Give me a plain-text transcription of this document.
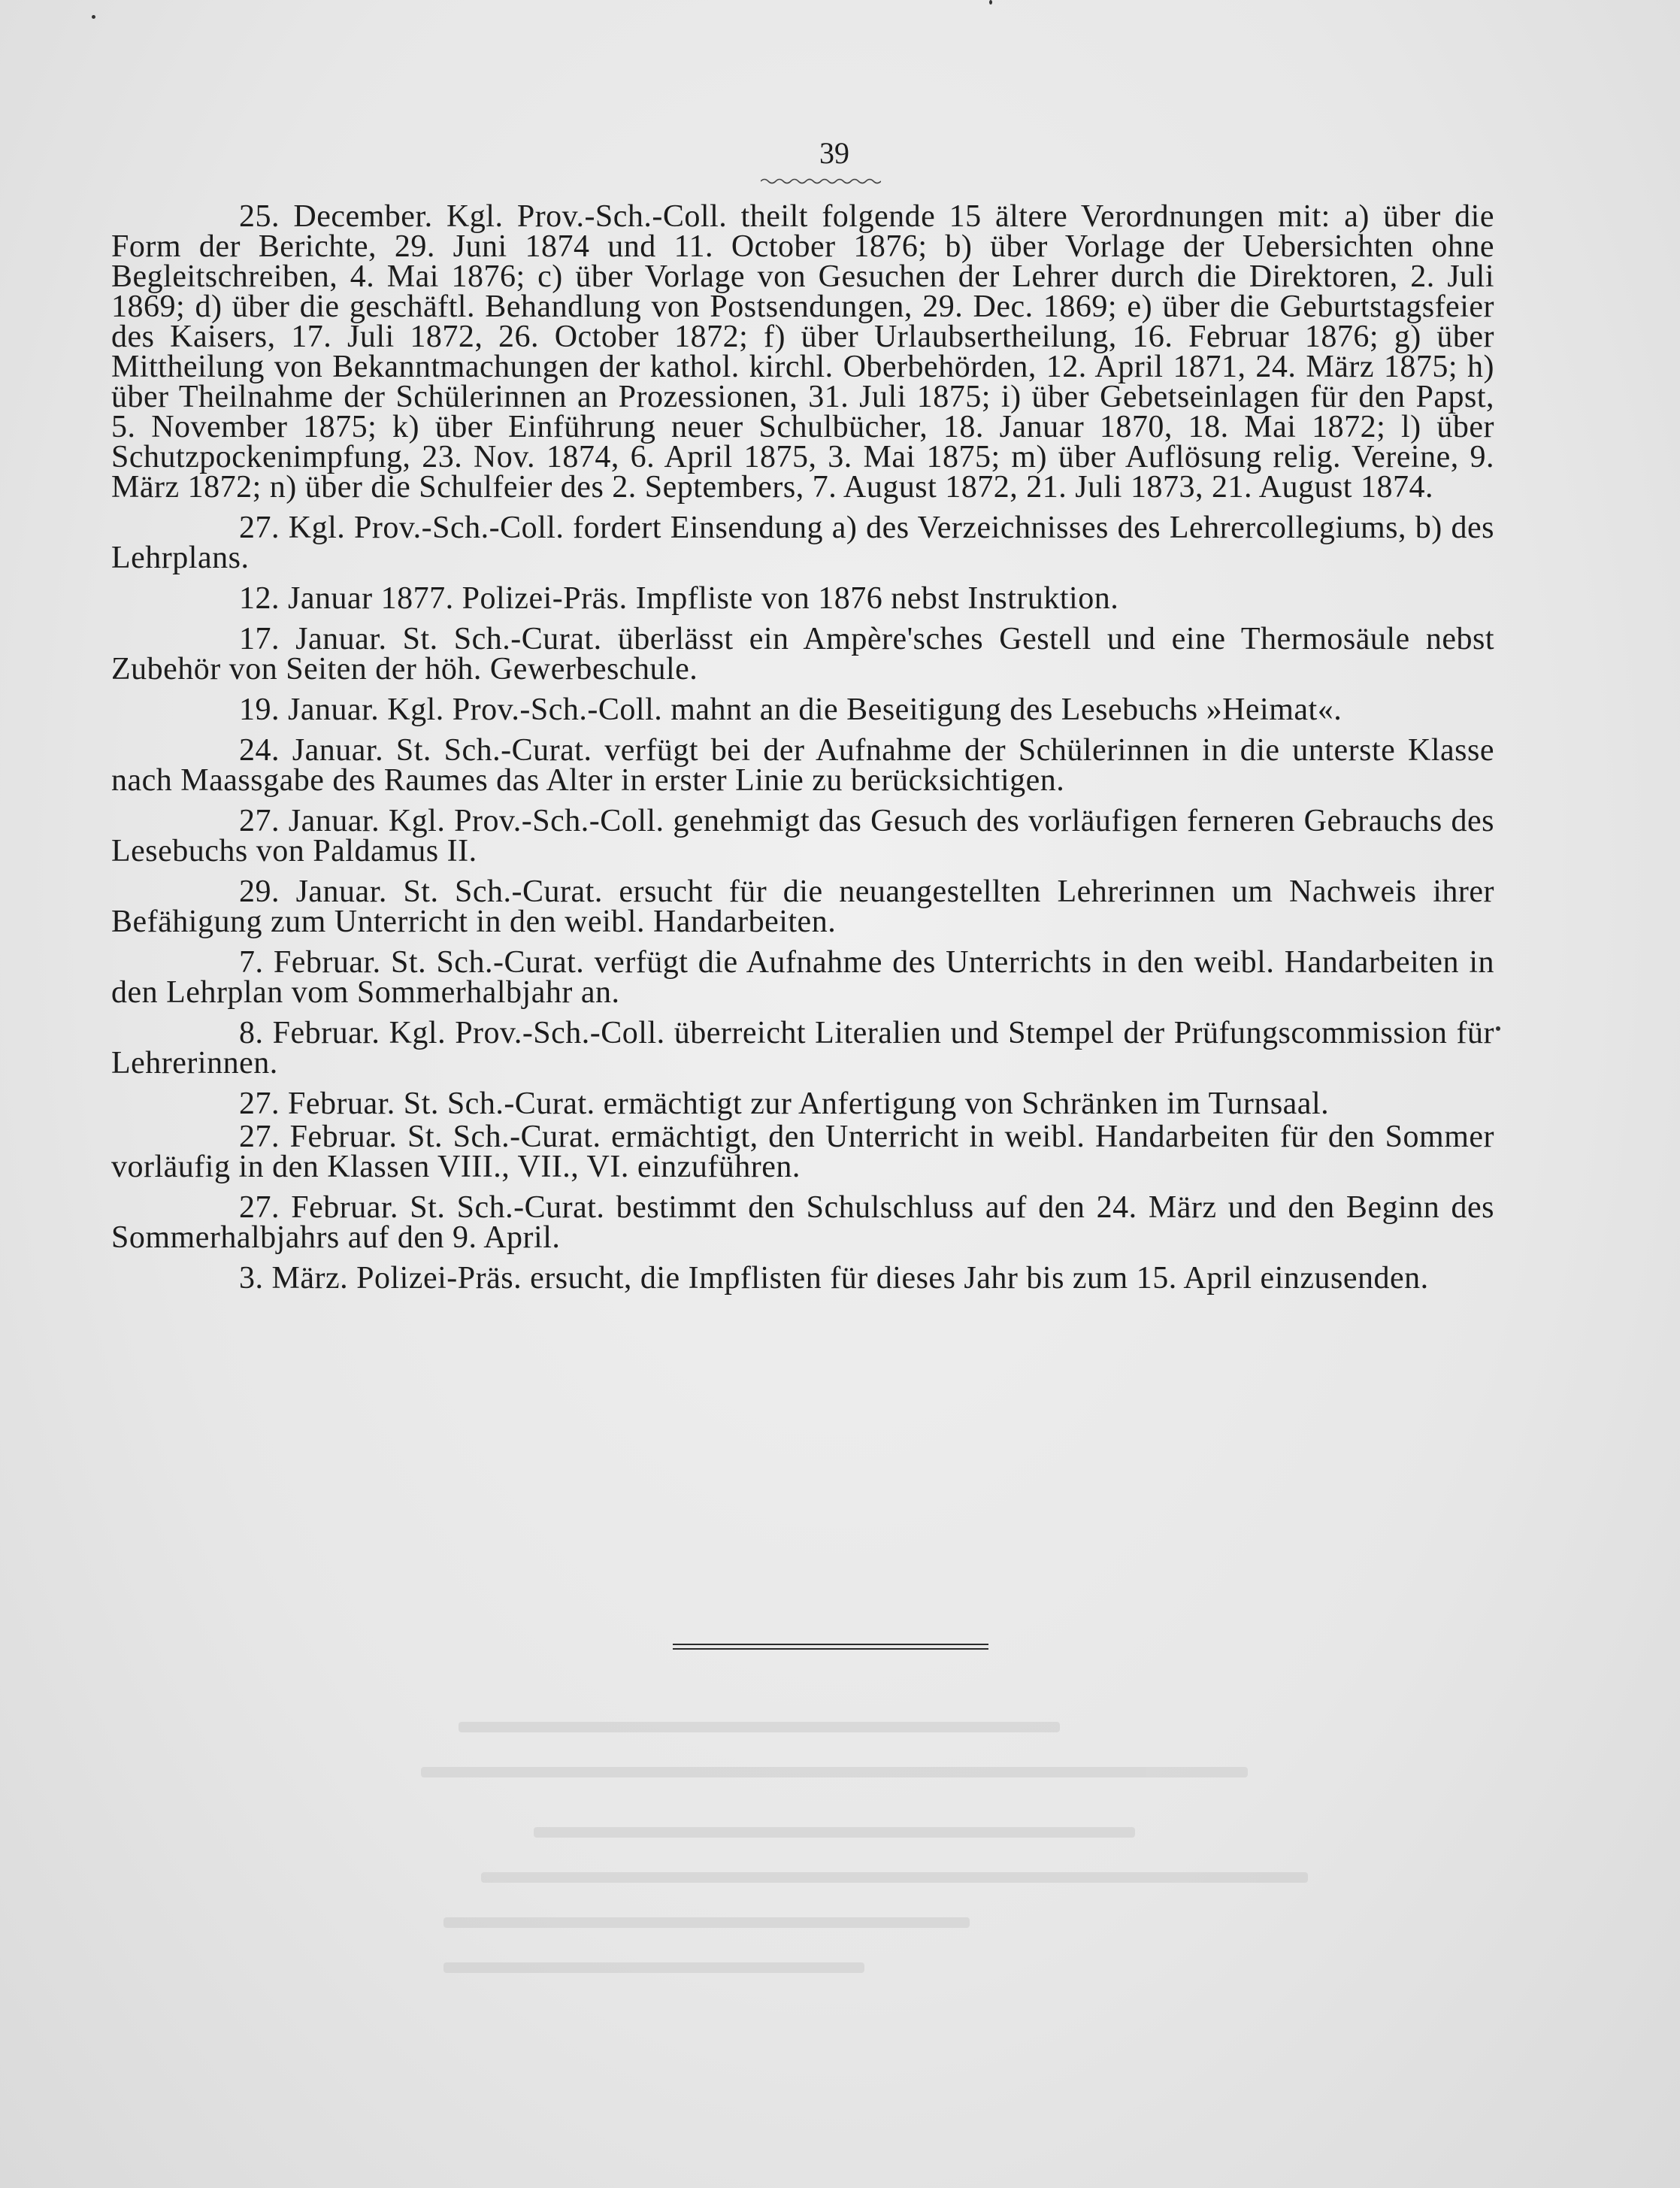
39

25. December. Kgl. Prov.-Sch.-Coll. theilt folgende 15 ältere Verordnungen mit: a) über die Form der Berichte, 29. Juni 1874 und 11. October 1876; b) über Vorlage der Uebersichten ohne Begleitschreiben, 4. Mai 1876; c) über Vorlage von Gesuchen der Lehrer durch die Direktoren, 2. Juli 1869; d) über die geschäftl. Behandlung von Postsendungen, 29. Dec. 1869; e) über die Geburtstagsfeier des Kaisers, 17. Juli 1872, 26. October 1872; f) über Urlaubsertheilung, 16. Februar 1876; g) über Mittheilung von Bekanntmachungen der kathol. kirchl. Oberbehörden, 12. April 1871, 24. März 1875; h) über Theilnahme der Schülerinnen an Prozessionen, 31. Juli 1875; i) über Gebetseinlagen für den Papst, 5. November 1875; k) über Einführung neuer Schulbücher, 18. Januar 1870, 18. Mai 1872; l) über Schutzpockenimpfung, 23. Nov. 1874, 6. April 1875, 3. Mai 1875; m) über Auflösung relig. Vereine, 9. März 1872; n) über die Schulfeier des 2. Septembers, 7. August 1872, 21. Juli 1873, 21. August 1874.

27. Kgl. Prov.-Sch.-Coll. fordert Einsendung a) des Verzeichnisses des Lehrercollegiums, b) des Lehrplans.

12. Januar 1877. Polizei-Präs. Impfliste von 1876 nebst Instruktion.

17. Januar. St. Sch.-Curat. überlässt ein Ampère'sches Gestell und eine Thermosäule nebst Zubehör von Seiten der höh. Gewerbeschule.

19. Januar. Kgl. Prov.-Sch.-Coll. mahnt an die Beseitigung des Lesebuchs »Heimat«.

24. Januar. St. Sch.-Curat. verfügt bei der Aufnahme der Schülerinnen in die unterste Klasse nach Maassgabe des Raumes das Alter in erster Linie zu berücksichtigen.

27. Januar. Kgl. Prov.-Sch.-Coll. genehmigt das Gesuch des vorläufigen ferneren Gebrauchs des Lesebuchs von Paldamus II.

29. Januar. St. Sch.-Curat. ersucht für die neuangestellten Lehrerinnen um Nachweis ihrer Befähigung zum Unterricht in den weibl. Handarbeiten.

7. Februar. St. Sch.-Curat. verfügt die Aufnahme des Unterrichts in den weibl. Handarbeiten in den Lehrplan vom Sommerhalbjahr an.

8. Februar. Kgl. Prov.-Sch.-Coll. überreicht Literalien und Stempel der Prüfungscommission für Lehrerinnen.

27. Februar. St. Sch.-Curat. ermächtigt zur Anfertigung von Schränken im Turnsaal.

27. Februar. St. Sch.-Curat. ermächtigt, den Unterricht in weibl. Handarbeiten für den Sommer vorläufig in den Klassen VIII., VII., VI. einzuführen.

27. Februar. St. Sch.-Curat. bestimmt den Schulschluss auf den 24. März und den Beginn des Sommerhalbjahrs auf den 9. April.

3. März. Polizei-Präs. ersucht, die Impflisten für dieses Jahr bis zum 15. April einzusenden.
